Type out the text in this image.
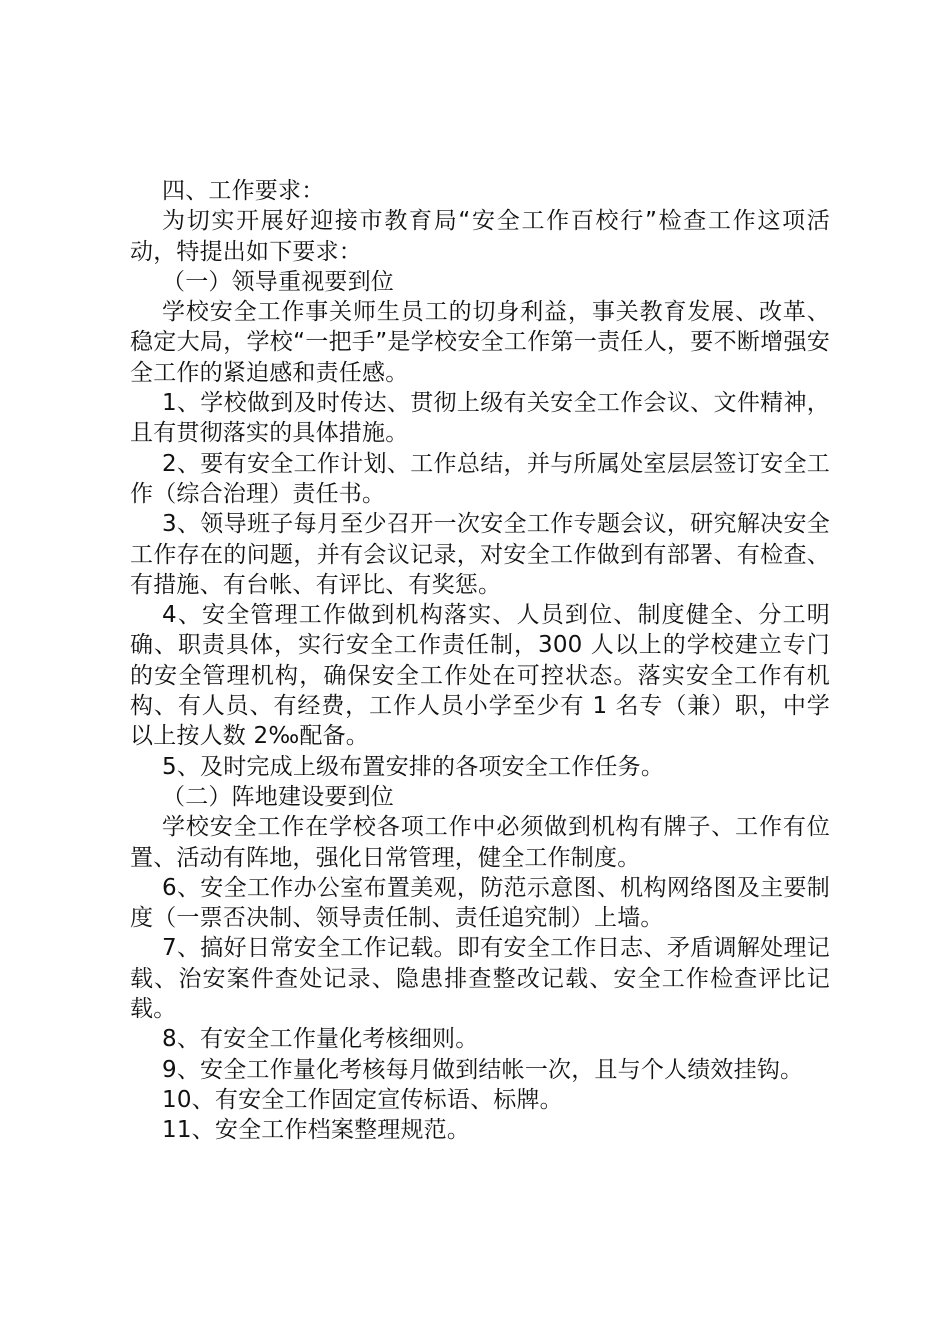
四、工作要求：

为切实开展好迎接市教育局“安全工作百校行”检查工作这项活动，特提出如下要求：

（一）领导重视要到位

学校安全工作事关师生员工的切身利益，事关教育发展、改革、稳定大局，学校“一把手”是学校安全工作第一责任人，要不断增强安全工作的紧迫感和责任感。

1、学校做到及时传达、贯彻上级有关安全工作会议、文件精神，且有贯彻落实的具体措施。

2、要有安全工作计划、工作总结，并与所属处室层层签订安全工作（综合治理）责任书。

3、领导班子每月至少召开一次安全工作专题会议，研究解决安全工作存在的问题，并有会议记录，对安全工作做到有部署、有检查、有措施、有台帐、有评比、有奖惩。

4、安全管理工作做到机构落实、人员到位、制度健全、分工明确、职责具体，实行安全工作责任制，300 人以上的学校建立专门的安全管理机构，确保安全工作处在可控状态。落实安全工作有机构、有人员、有经费，工作人员小学至少有 1 名专（兼）职，中学以上按人数 2‰配备。

5、及时完成上级布置安排的各项安全工作任务。

（二）阵地建设要到位

学校安全工作在学校各项工作中必须做到机构有牌子、工作有位置、活动有阵地，强化日常管理，健全工作制度。

6、安全工作办公室布置美观，防范示意图、机构网络图及主要制度（一票否决制、领导责任制、责任追究制）上墙。

7、搞好日常安全工作记载。即有安全工作日志、矛盾调解处理记载、治安案件查处记录、隐患排查整改记载、安全工作检查评比记载。

8、有安全工作量化考核细则。

9、安全工作量化考核每月做到结帐一次，且与个人绩效挂钩。

10、有安全工作固定宣传标语、标牌。

11、安全工作档案整理规范。
